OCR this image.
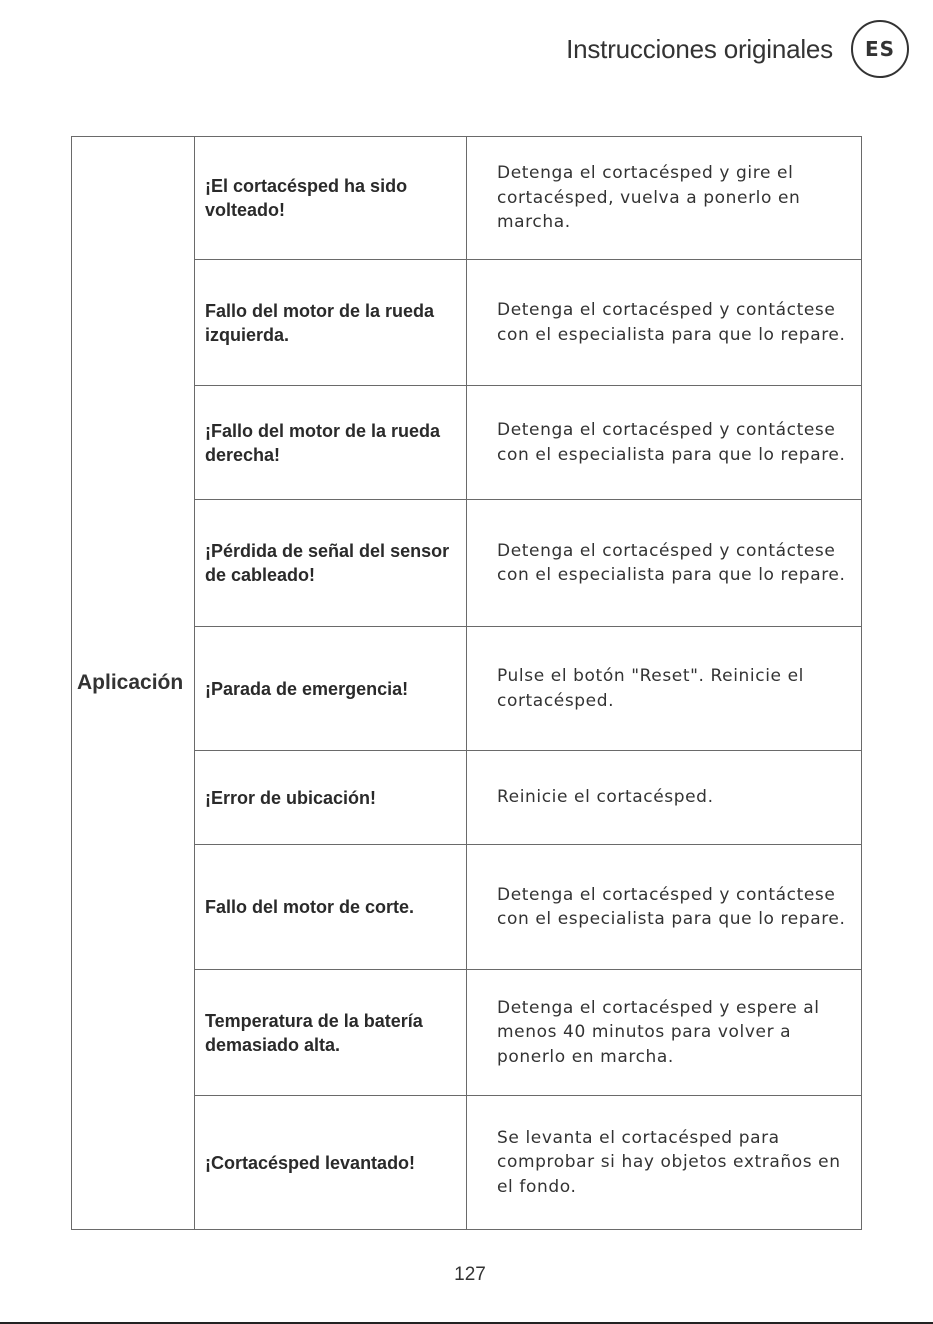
Instrucciones originales	ES
Aplicación	¡El cortacésped ha sido volteado!	Detenga el cortacésped y gire el cortacésped, vuelva a ponerlo en marcha.
	Fallo del motor de la rueda izquierda.	Detenga el cortacésped y contáctese con el especialista para que lo repare.
	¡Fallo del motor de la rueda derecha!	Detenga el cortacésped y contáctese con el especialista para que lo repare.
	¡Pérdida de señal del sensor de cableado!	Detenga el cortacésped y contáctese con el especialista para que lo repare.
	¡Parada de emergencia!	Pulse el botón "Reset". Reinicie el cortacésped.
	¡Error de ubicación!	Reinicie el cortacésped.
	Fallo del motor de corte.	Detenga el cortacésped y contáctese con el especialista para que lo repare.
	Temperatura de la batería demasiado alta.	Detenga el cortacésped y espere al menos 40 minutos para volver a ponerlo en marcha.
	¡Cortacésped levantado!	Se levanta el cortacésped para comprobar si hay objetos extraños en el fondo.
127
